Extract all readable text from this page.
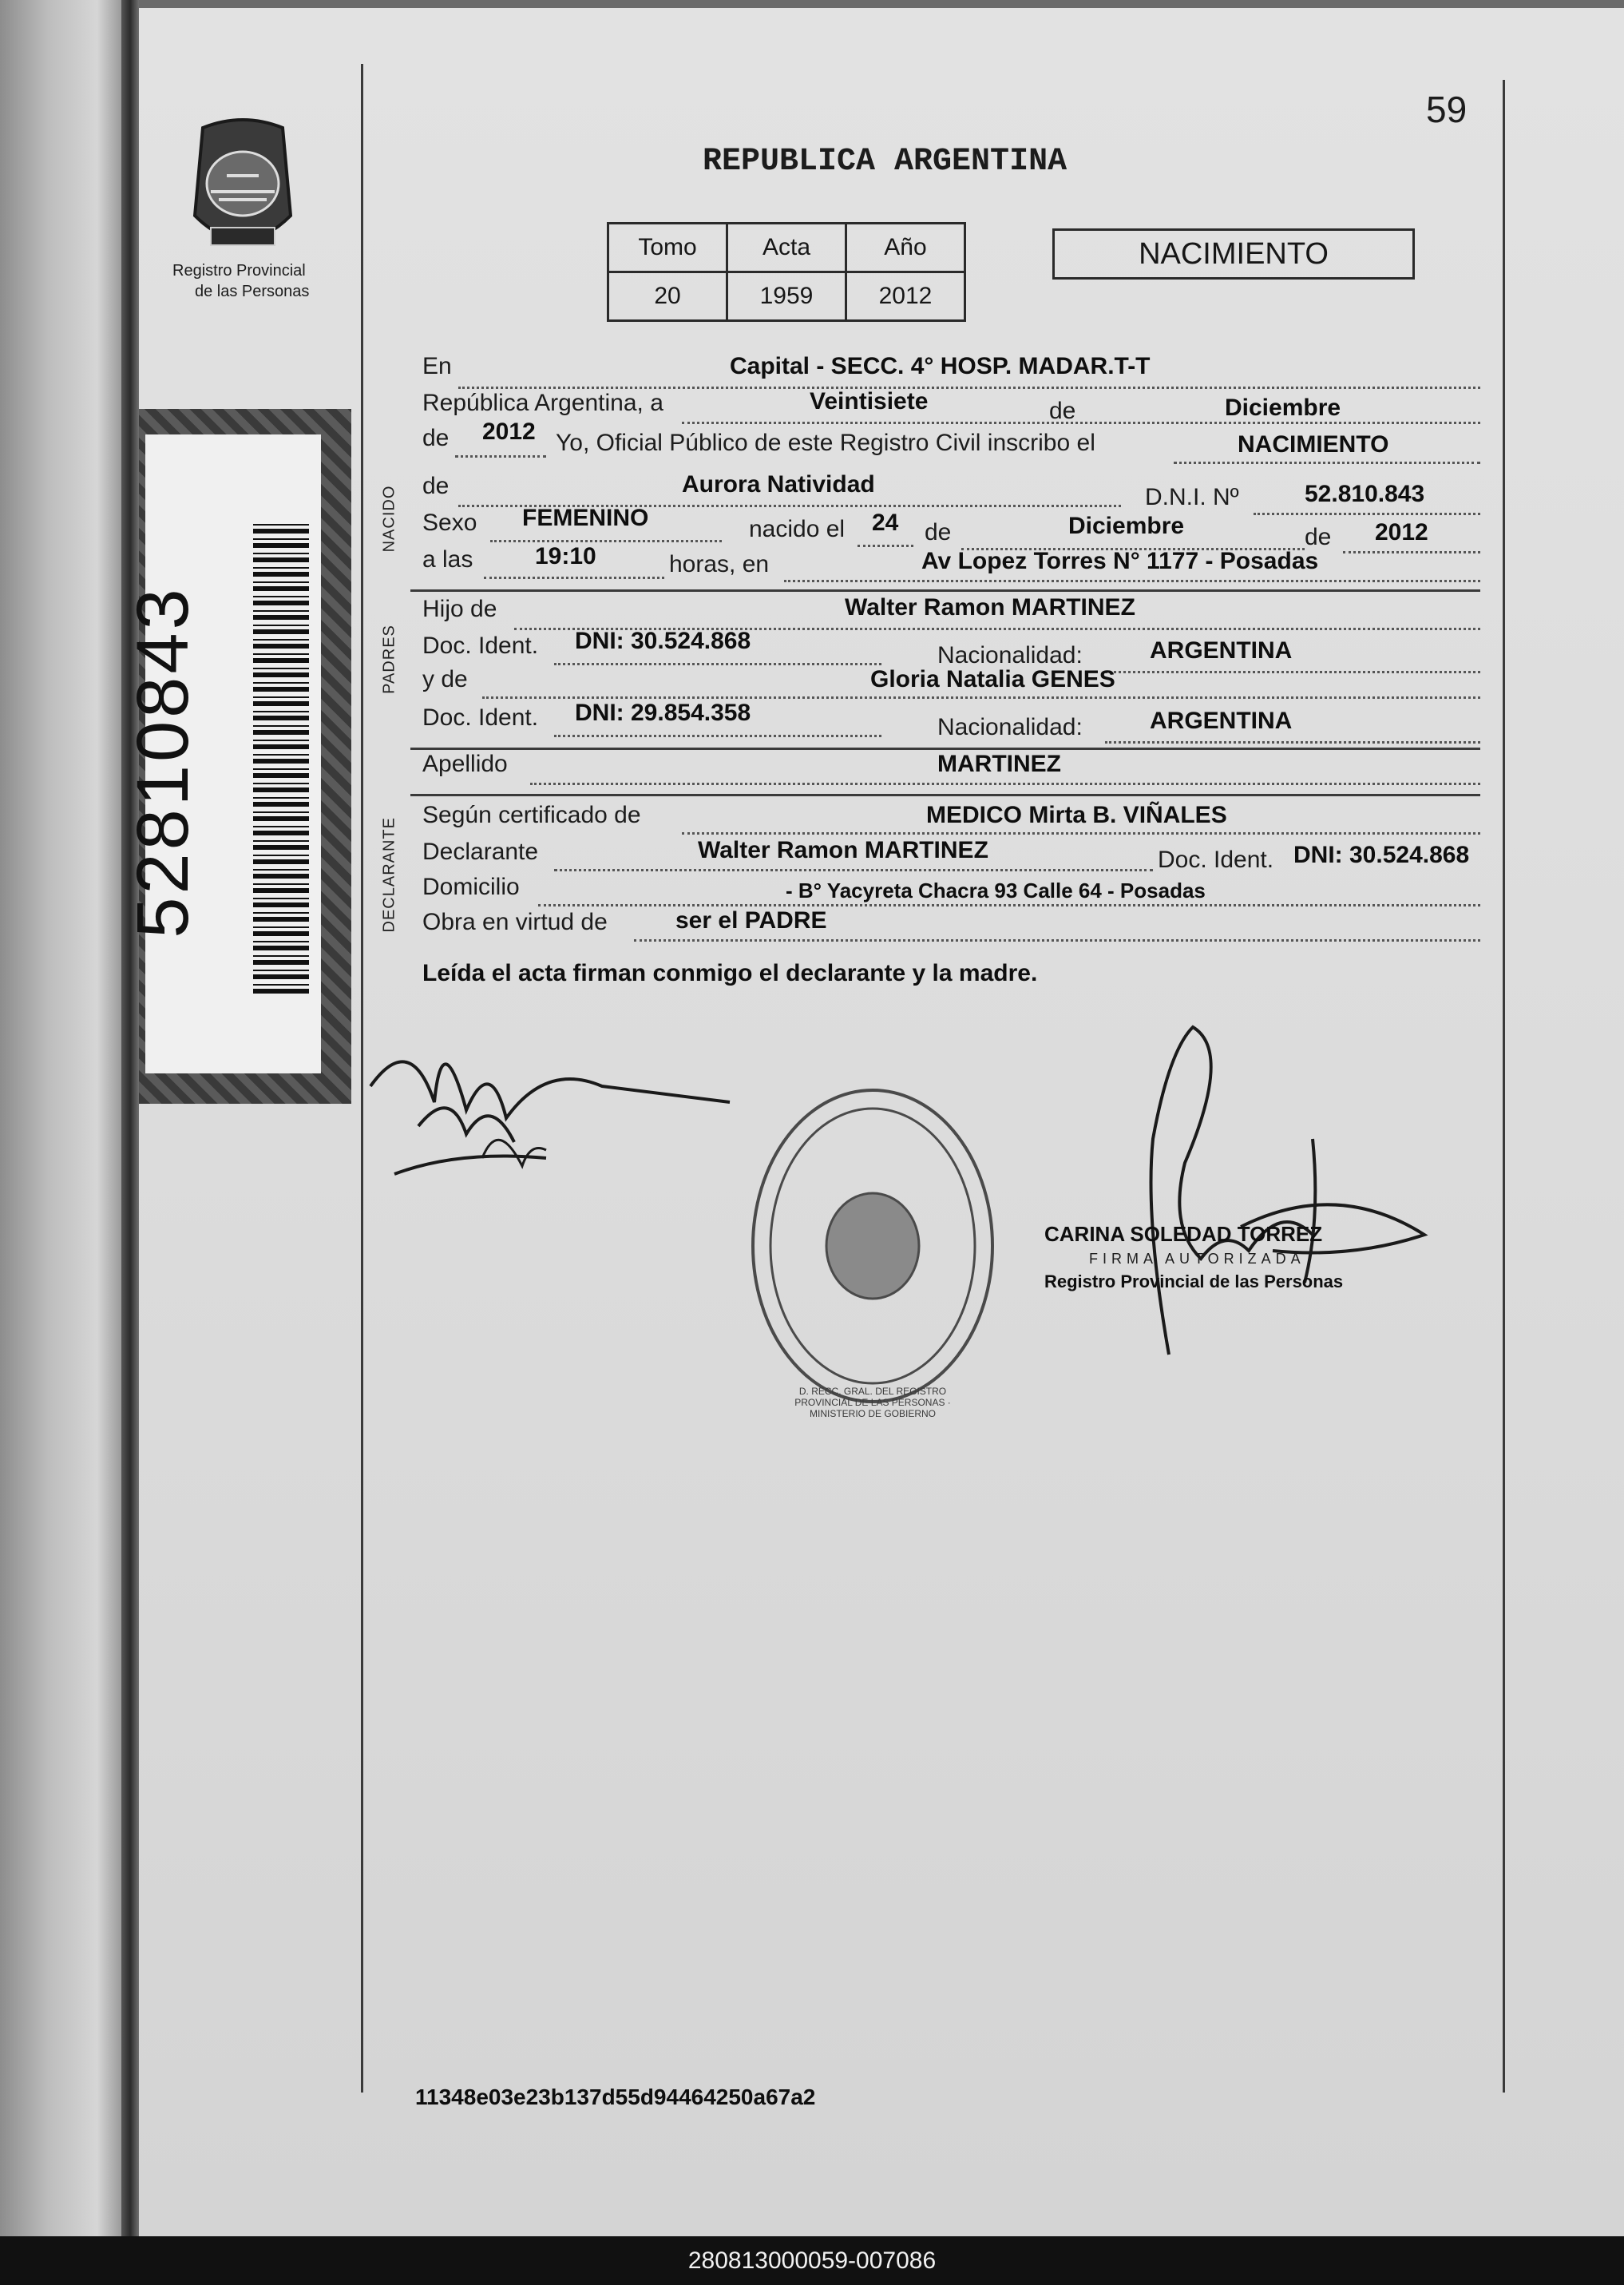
Registro Provincial
de las Personas
52810843
59
REPUBLICA ARGENTINA
Tomo	Acta	Año
20	1959	2012
NACIMIENTO
NACIDO
PADRES
DECLARANTE
En	Capital - SECC. 4° HOSP. MADAR.T-T
República Argentina, a	Veintisiete	de	Diciembre
de 2012 Yo, Oficial Público de este Registro Civil inscribo el	NACIMIENTO
de	Aurora Natividad	D.N.I. Nº	52.810.843
Sexo FEMENINO	nacido el 24 de	Diciembre	de 2012
a las	19:10	horas, en	Av Lopez Torres N° 1177 - Posadas
Hijo de	Walter Ramon MARTINEZ
Doc. Ident. DNI: 30.524.868
Nacionalidad:	ARGENTINA
y de	Gloria Natalia GENES
Doc. Ident. DNI: 29.854.358
Nacionalidad:	ARGENTINA
Apellido	MARTINEZ
Según certificado de	MEDICO Mirta B. VIÑALES
Declarante	Walter Ramon MARTINEZ	Doc. Ident. DNI: 30.524.868
Domicilio	- B° Yacyreta Chacra 93 Calle 64 - Posadas
Obra en virtud de	ser el PADRE
Leída el acta firman conmigo el declarante y la madre.
D. RECC. GRAL. DEL REGISTRO PROVINCIAL DE LAS PERSONAS · MINISTERIO DE GOBIERNO
CARINA SOLEDAD TORREZ
FIRMA AUTORIZADA
Registro Provincial de las Personas
11348e03e23b137d55d94464250a67a2
280813000059-007086
